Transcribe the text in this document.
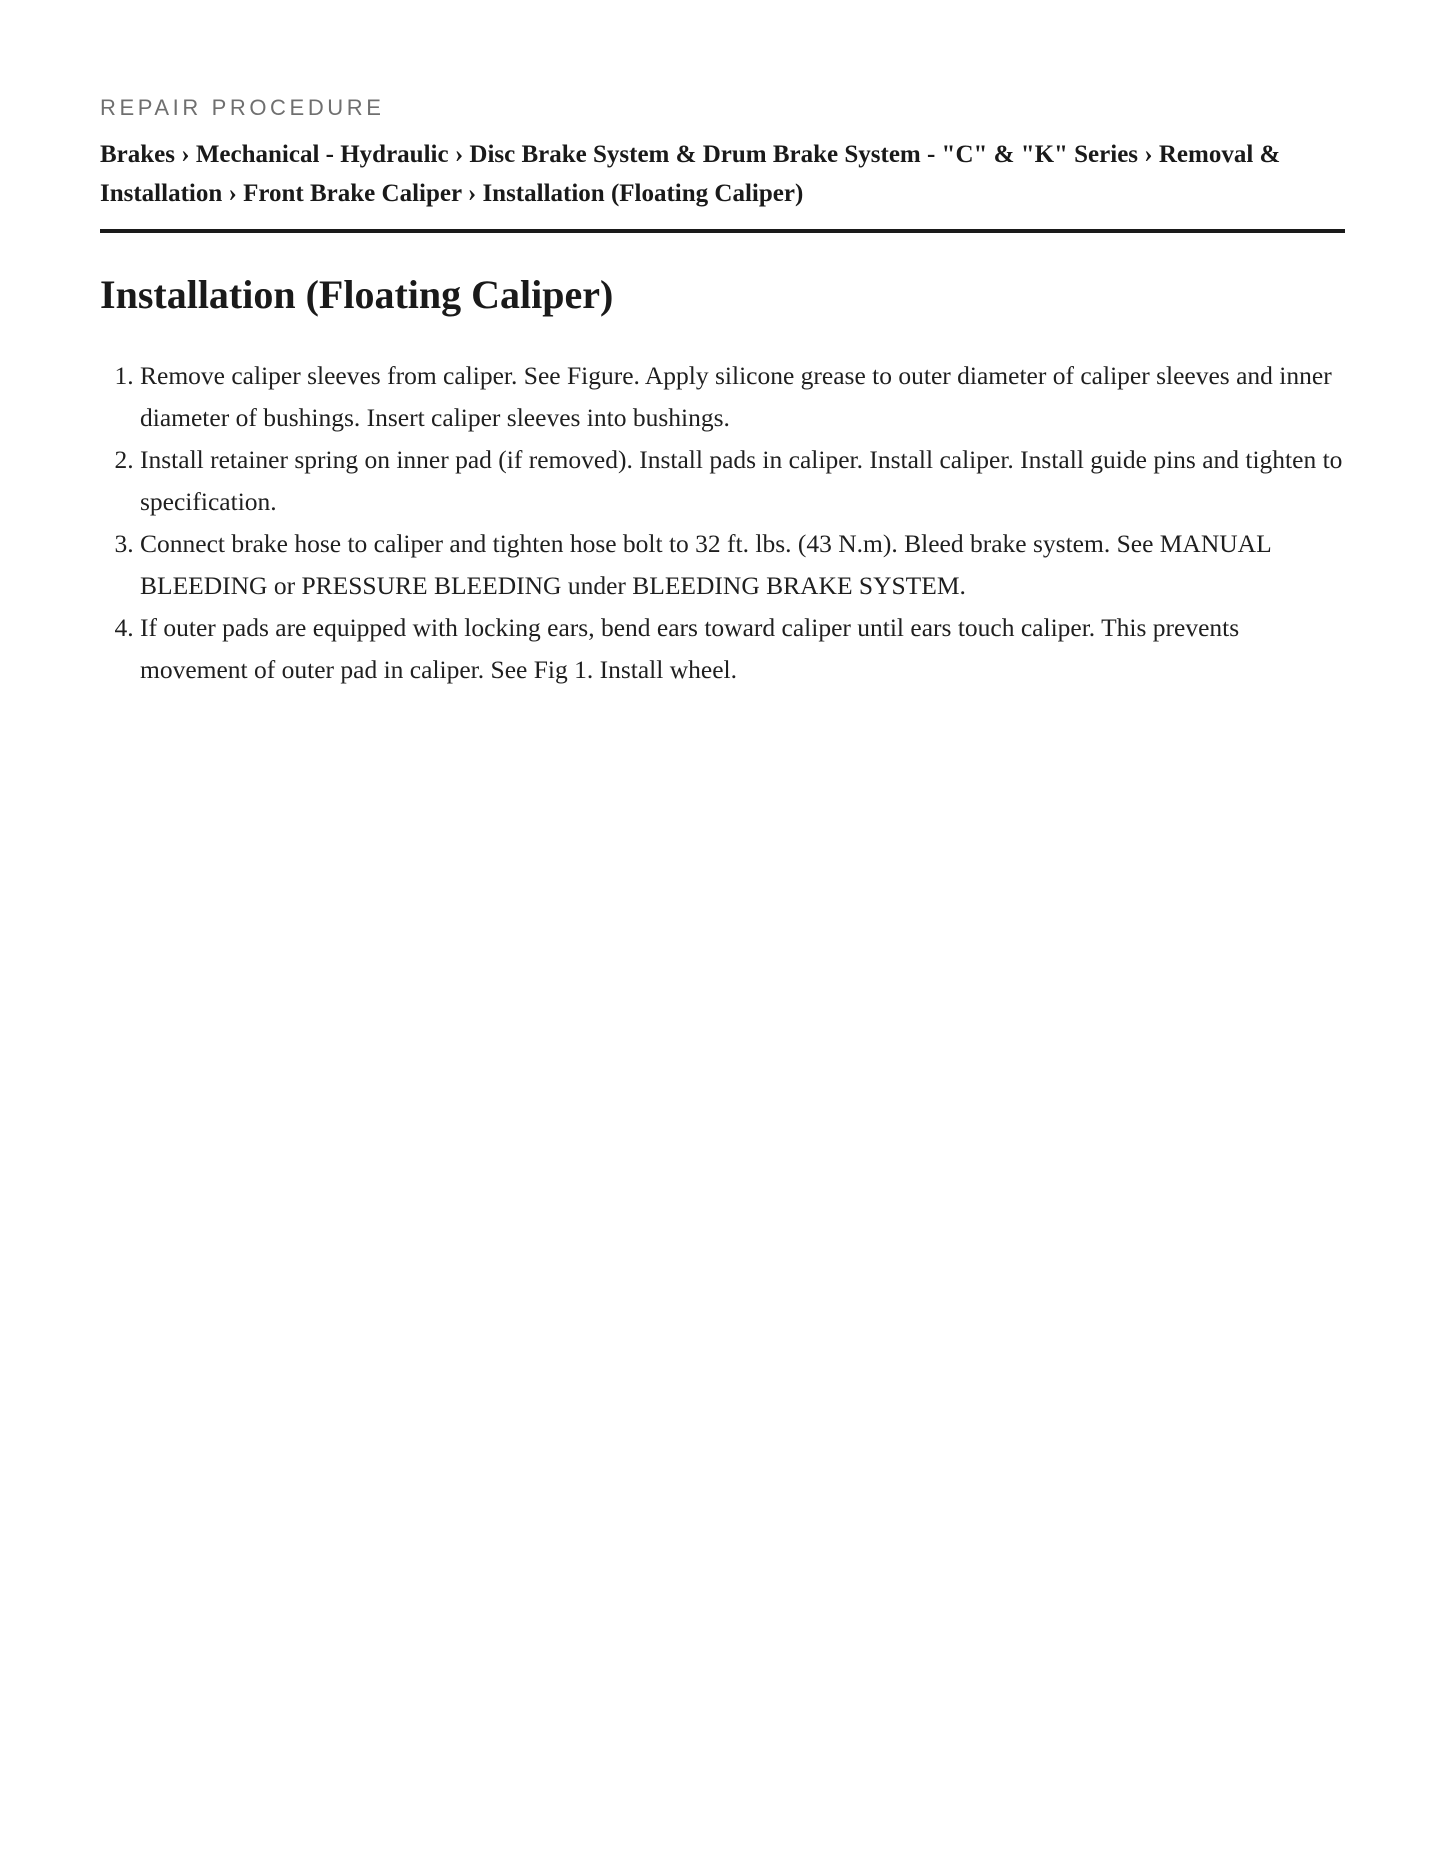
REPAIR PROCEDURE
Brakes › Mechanical - Hydraulic › Disc Brake System & Drum Brake System - "C" & "K" Series › Removal & Installation › Front Brake Caliper › Installation (Floating Caliper)
Installation (Floating Caliper)
1. Remove caliper sleeves from caliper. See Figure. Apply silicone grease to outer diameter of caliper sleeves and inner diameter of bushings. Insert caliper sleeves into bushings.
2. Install retainer spring on inner pad (if removed). Install pads in caliper. Install caliper. Install guide pins and tighten to specification.
3. Connect brake hose to caliper and tighten hose bolt to 32 ft. lbs. (43 N.m). Bleed brake system. See MANUAL BLEEDING or PRESSURE BLEEDING under BLEEDING BRAKE SYSTEM.
4. If outer pads are equipped with locking ears, bend ears toward caliper until ears touch caliper. This prevents movement of outer pad in caliper. See Fig 1. Install wheel.
